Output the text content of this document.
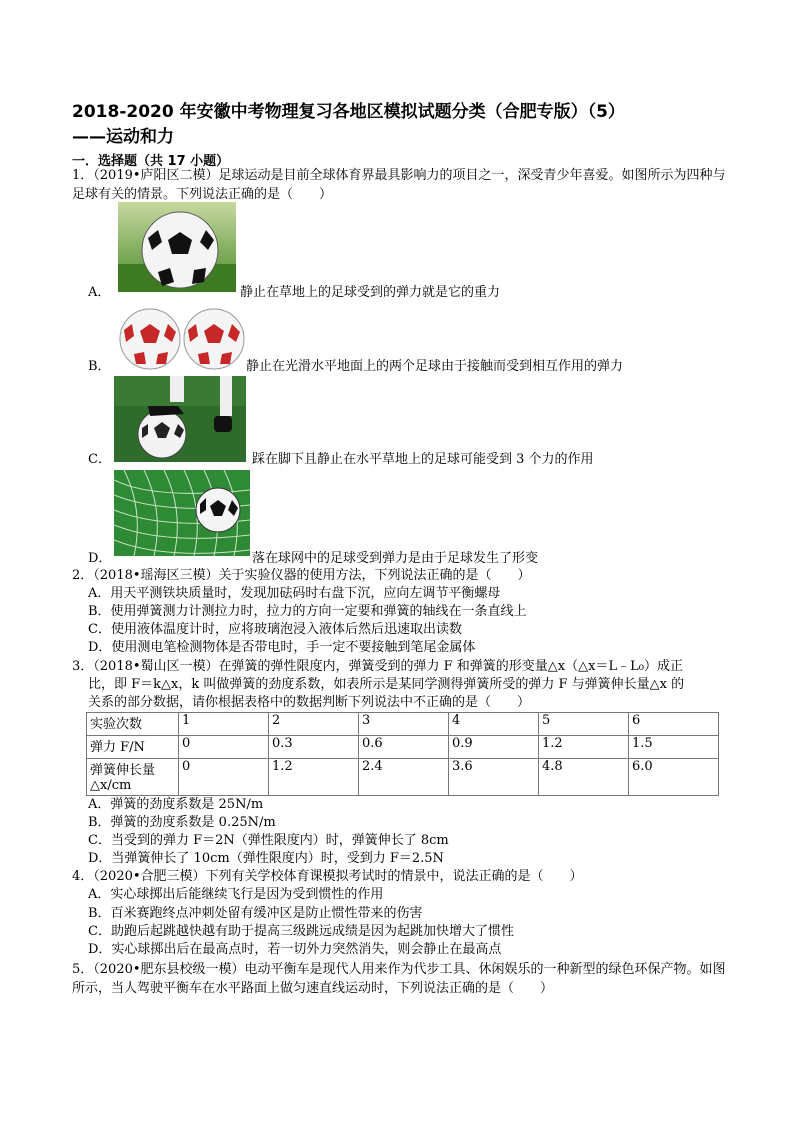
2018-2020 年安徽中考物理复习各地区模拟试题分类（合肥专版）（5）
——运动和力
一．选择题（共 17 小题）
1．（2019•庐阳区二模）足球运动是目前全球体育界最具影响力的项目之一，深受青少年喜爱。如图所示为四种与足球有关的情景。下列说法正确的是（　　）
A．	静止在草地上的足球受到的弹力就是它的重力
B．	静止在光滑水平地面上的两个足球由于接触而受到相互作用的弹力
C．	踩在脚下且静止在水平草地上的足球可能受到 3 个力的作用
D．	落在球网中的足球受到弹力是由于足球发生了形变
2．（2018•瑶海区三模）关于实验仪器的使用方法，下列说法正确的是（　　）
A．用天平测铁块质量时，发现加砝码时右盘下沉，应向左调节平衡螺母
B．使用弹簧测力计测拉力时，拉力的方向一定要和弹簧的轴线在一条直线上
C．使用液体温度计时，应将玻璃泡浸入液体后然后迅速取出读数
D．使用测电笔检测物体是否带电时，手一定不要接触到笔尾金属体
3．（2018•蜀山区一模）在弹簧的弹性限度内，弹簧受到的弹力 F 和弹簧的形变量△x（△x＝L﹣L₀）成正
比，即 F＝k△x，k 叫做弹簧的劲度系数，如表所示是某同学测得弹簧所受的弹力 F 与弹簧伸长量△x 的
关系的部分数据，请你根据表格中的数据判断下列说法中不正确的是（　　）
实验次数	1	2	3	4	5	6
弹力 F/N	0	0.3	0.6	0.9	1.2	1.5
弹簧伸长量△x/cm	0	1.2	2.4	3.6	4.8	6.0
A．弹簧的劲度系数是 25N/m
B．弹簧的劲度系数是 0.25N/m
C．当受到的弹力 F＝2N（弹性限度内）时，弹簧伸长了 8cm
D．当弹簧伸长了 10cm（弹性限度内）时，受到力 F＝2.5N
4．（2020•合肥三模）下列有关学校体育课模拟考试时的情景中，说法正确的是（　　）
A．实心球掷出后能继续飞行是因为受到惯性的作用
B．百米赛跑终点冲刺处留有缓冲区是防止惯性带来的伤害
C．助跑后起跳越快越有助于提高三级跳远成绩是因为起跳加快增大了惯性
D．实心球掷出后在最高点时，若一切外力突然消失，则会静止在最高点
5．（2020•肥东县校级一模）电动平衡车是现代人用来作为代步工具、休闲娱乐的一种新型的绿色环保产物。如图所示，当人驾驶平衡车在水平路面上做匀速直线运动时，下列说法正确的是（　　）
